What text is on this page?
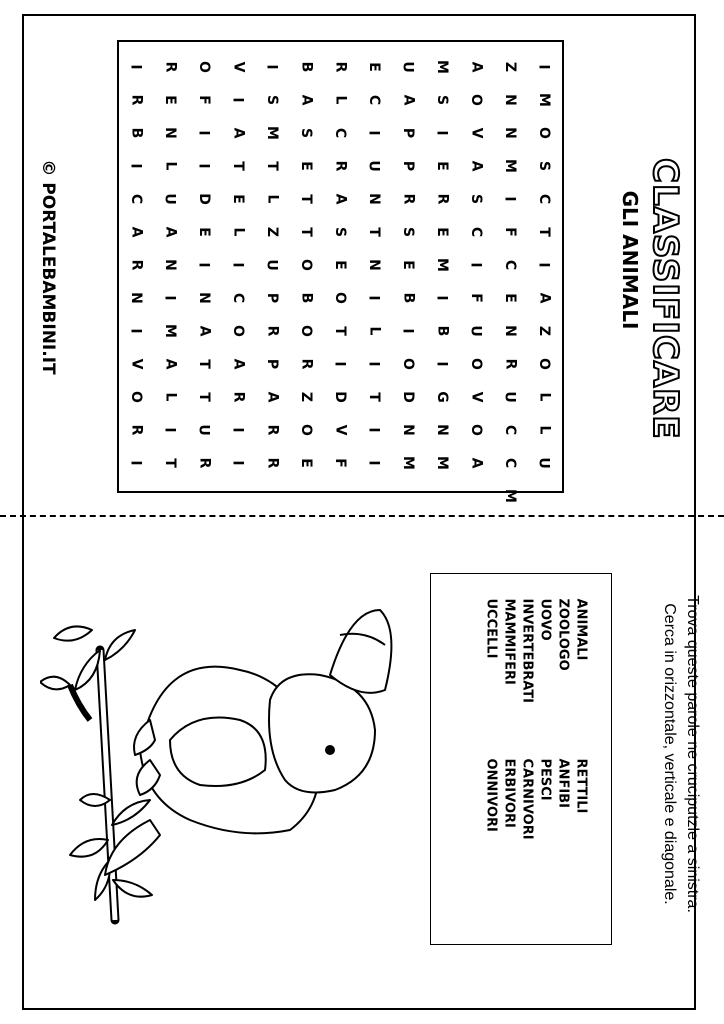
CLASSIFICARE
GLI ANIMALI
I
M
O
S
C
T
I
A
Z
O
L
L
U
Z
N
N
M
I
F
C
E
N
R
U
C
C
M
A
O
V
A
S
C
I
F
U
O
V
O
A
M
S
I
E
R
E
M
I
B
I
G
N
M
U
A
P
P
R
S
E
B
I
O
D
N
M
E
C
I
U
N
T
N
I
L
I
T
I
I
R
L
C
R
A
S
E
O
T
I
D
V
F
B
A
S
E
T
T
O
B
O
R
Z
O
E
I
S
M
T
L
Z
U
P
R
P
A
R
R
V
I
A
T
E
L
I
C
O
A
R
I
I
O
F
I
I
D
E
I
N
A
T
T
U
R
R
E
N
L
U
A
N
I
M
A
L
I
T
I
R
B
I
C
A
R
N
I
V
O
R
I
© PORTALEBAMBINI.IT
Trova queste parole ne cruciputzle a sinistra.
Cerca in orizzontale, verticale e diagonale.
ANIMALI
ZOOLOGO
UOVO
INVERTEBRATI
MAMMIFERI
UCCELLI
RETTILI
ANFIBI
PESCI
CARNIVORI
ERBIVORI
ONNIVORI
